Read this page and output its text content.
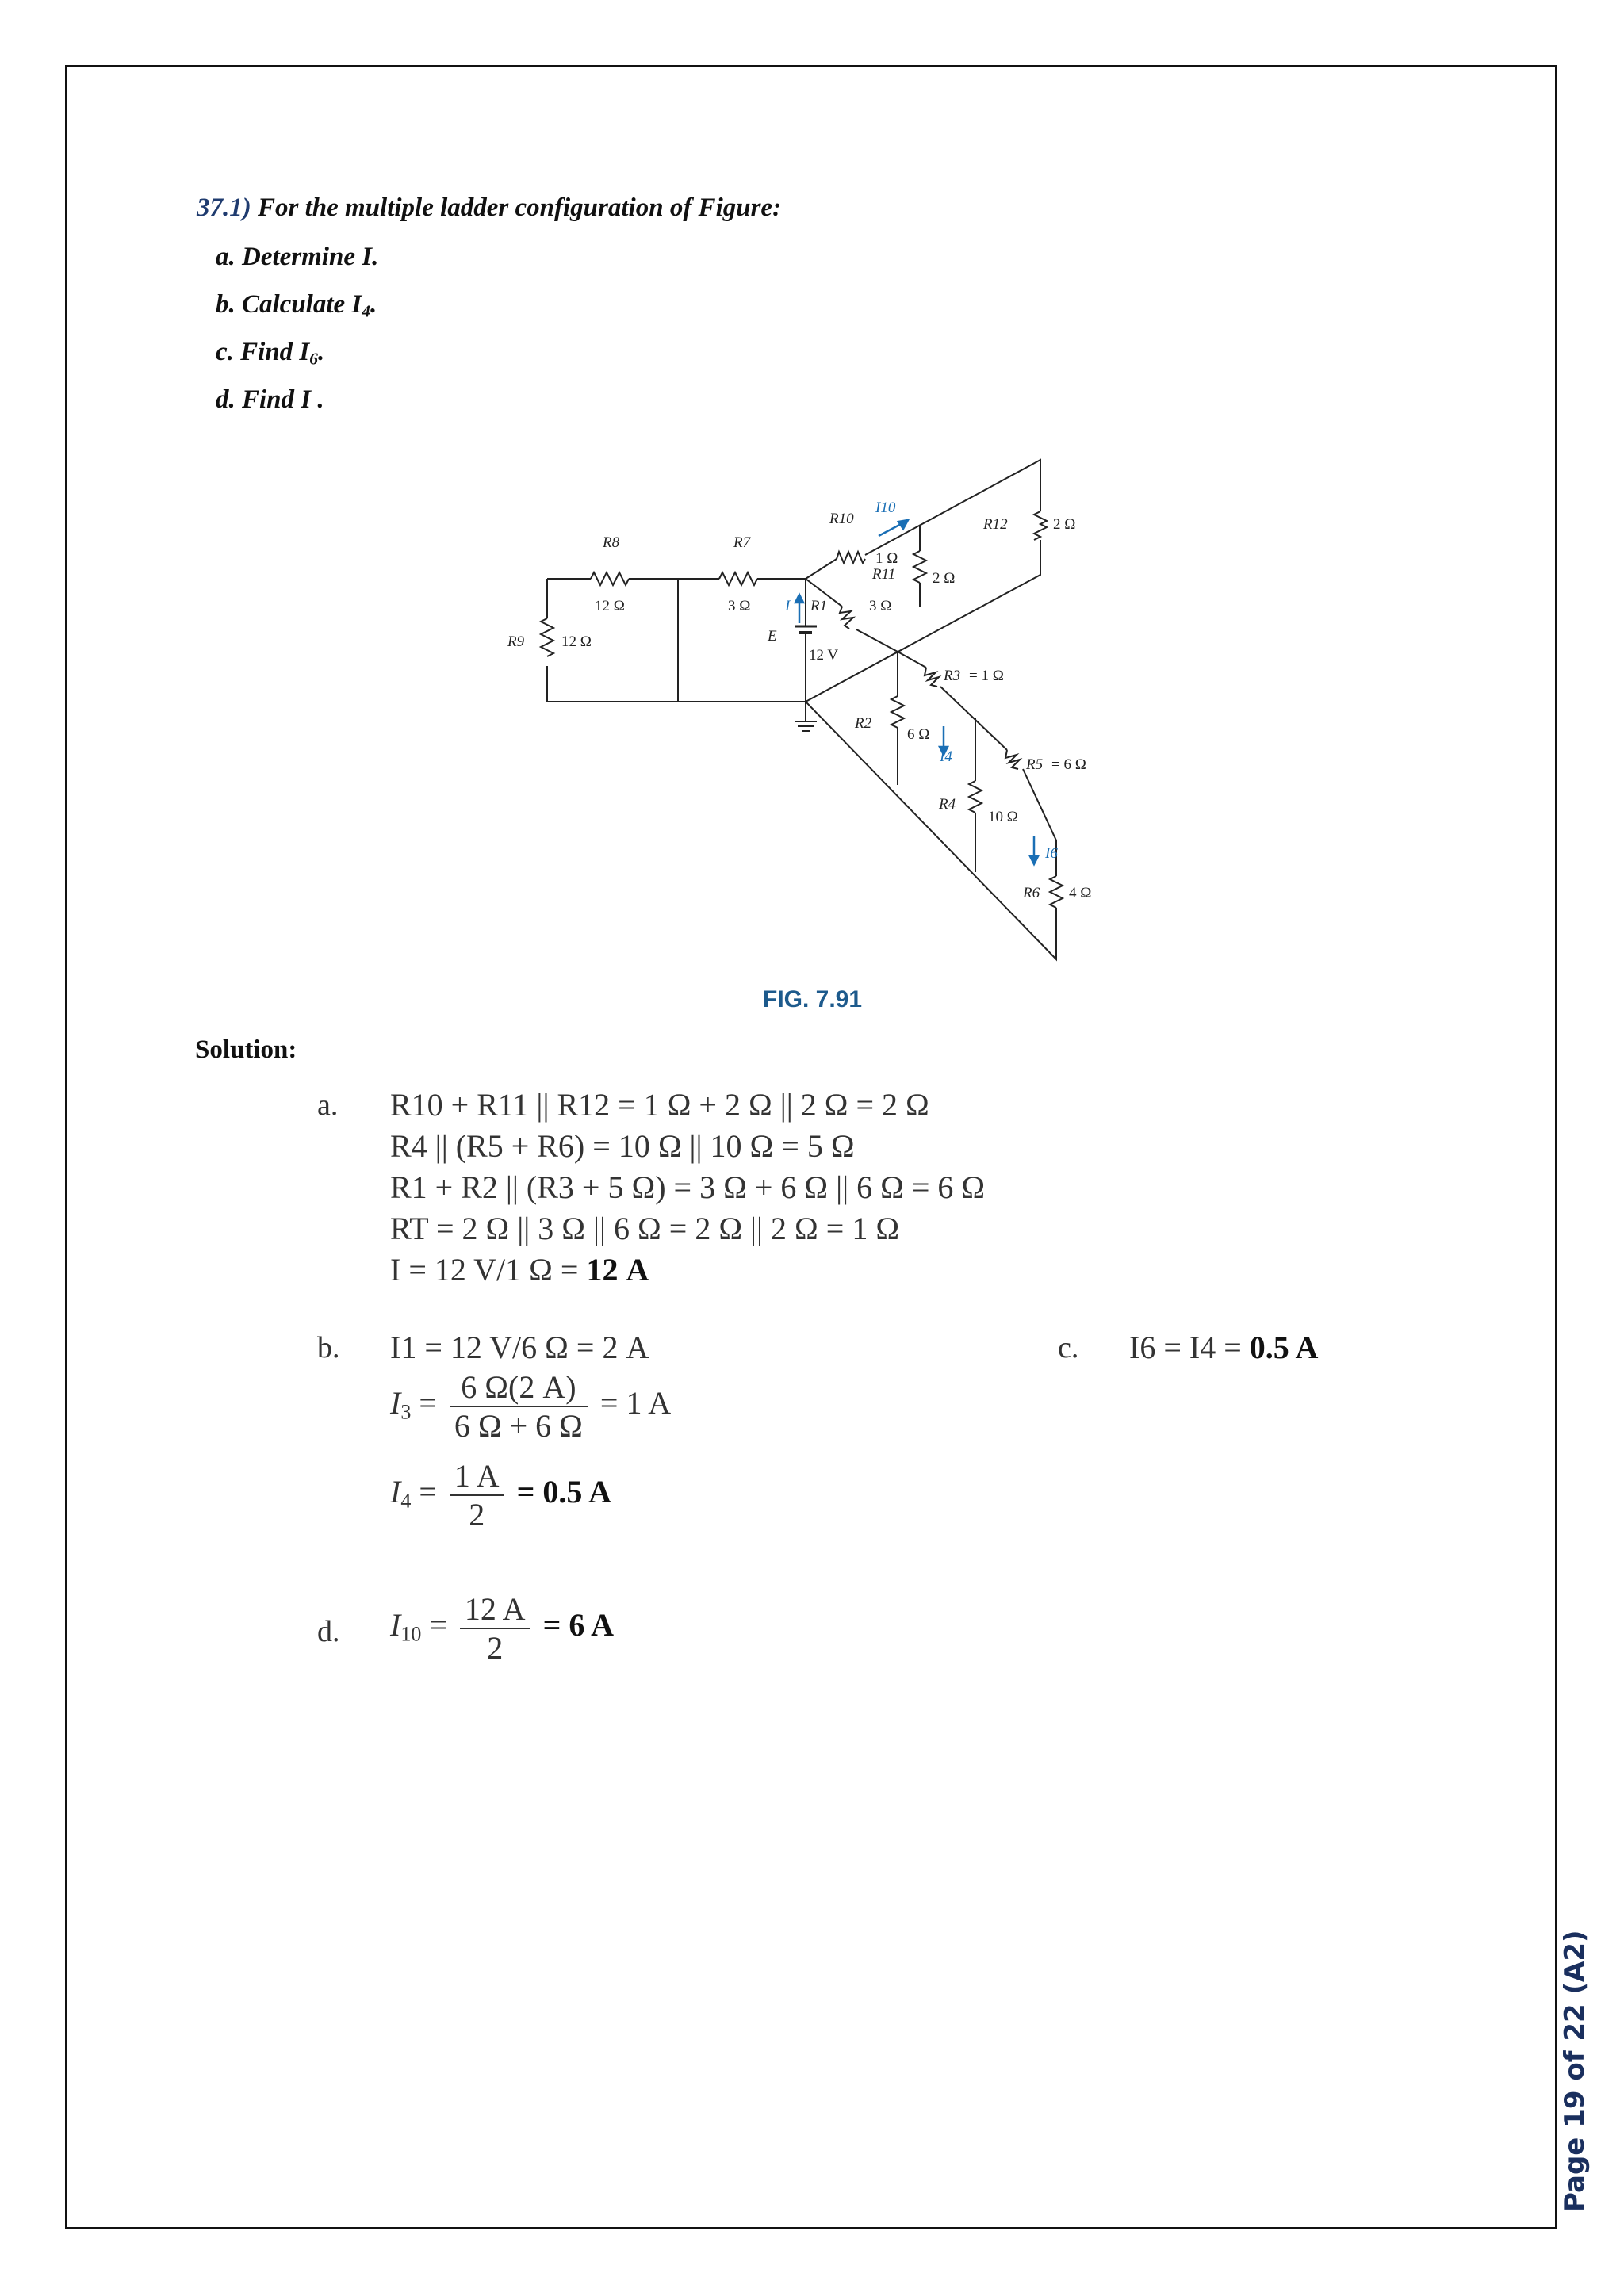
37.1) For the multiple ladder configuration of Figure:
a. Determine I.
b. Calculate $I_4$.
c. Find $I_6$.
d. Find I .
R8
12 Ω
R7
3 Ω
R9 12 Ω
R10
I10
1 Ω
R11 2 Ω
R12	2 Ω
R1	3 Ω
I
E
12 V
R3 = 1 Ω
R2
6 Ω
I4	R5 = 6 Ω
R4
10 Ω
I6
R6 4 Ω
FIG. 7.91
Solution:
a. R10 + R11 || R12 = 1 Ω + 2 Ω || 2 Ω = 2 Ω
R4 || (R5 + R6) = 10 Ω || 10 Ω = 5 Ω
R1 + R2 || (R3 + 5 Ω) = 3 Ω + 6 Ω || 6 Ω = 6 Ω
RT = 2 Ω || 3 Ω || 6 Ω = 2 Ω || 2 Ω = 1 Ω
I = 12 V/1 Ω = 12 A
b. I1 = 12 V/6 Ω = 2 A
$I_3 = \frac{6 \Omega(2 A)}{6 \Omega + 6 \Omega} = 1$ A
$I_4 = \frac{1 A}{2} = 0.5$ A
c. I6 = I4 = 0.5 A
d. $I_{10} = \frac{12 A}{2} = 6$ A
Page 19 of 22 (A2)
